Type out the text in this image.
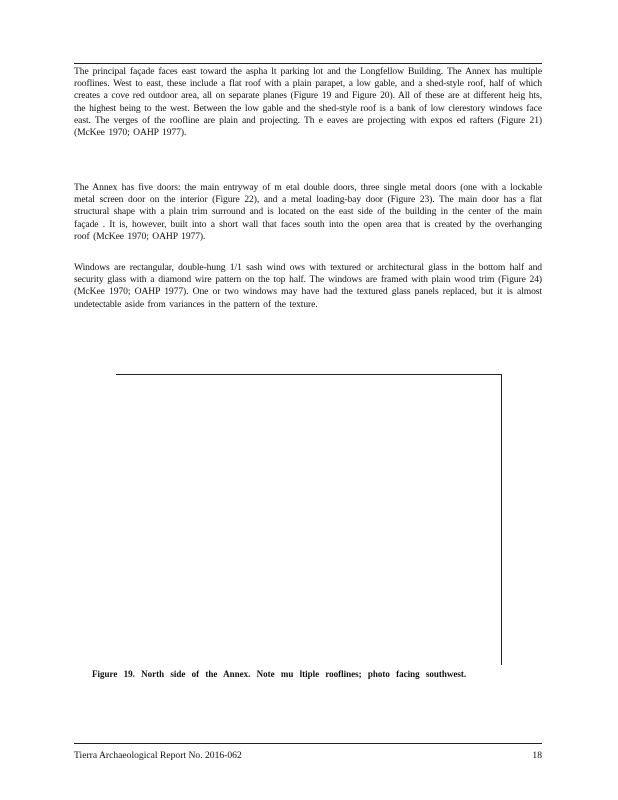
The principal façade faces east toward the aspha lt parking lot and the Longfellow Building. The Annex has multiple rooflines. West to east, these include a flat roof with a plain parapet, a low gable, and a shed-style roof, half of which creates a cove red outdoor area, all on separate planes (Figure 19 and Figure 20). All of these are at different heig hts, the highest being to the west. Between the low gable and the shed-style roof is a bank of low clerestory windows face east. The verges of the roofline are plain and projecting. Th e eaves are projecting with expos ed rafters (Figure 21) (McKee 1970; OAHP 1977).

The Annex has five doors: the main entryway of m etal double doors, three single metal doors (one with a lockable metal screen door on the interior (Figure 22), and a metal loading-bay door (Figure 23). The main door has a flat structural shape with a plain trim surround and is located on the east side of the building in the center of the main façade . It is, however, built into a short wall that faces south into the open area that is created by the overhanging roof (McKee 1970; OAHP 1977).

Windows are rectangular, double-hung 1/1 sash wind ows with textured or architectural glass in the bottom half and security glass with a diamond wire pattern on the top half. The windows are framed with plain wood trim (Figure 24) (McKee 1970; OAHP 1977). One or two windows may have had the textured glass panels replaced, but it is almost undetectable aside from variances in the pattern of the texture.

Figure 19. North side of the Annex. Note mu ltiple rooflines; photo facing southwest.
Tierra Archaeological Report No. 2016-062	18
